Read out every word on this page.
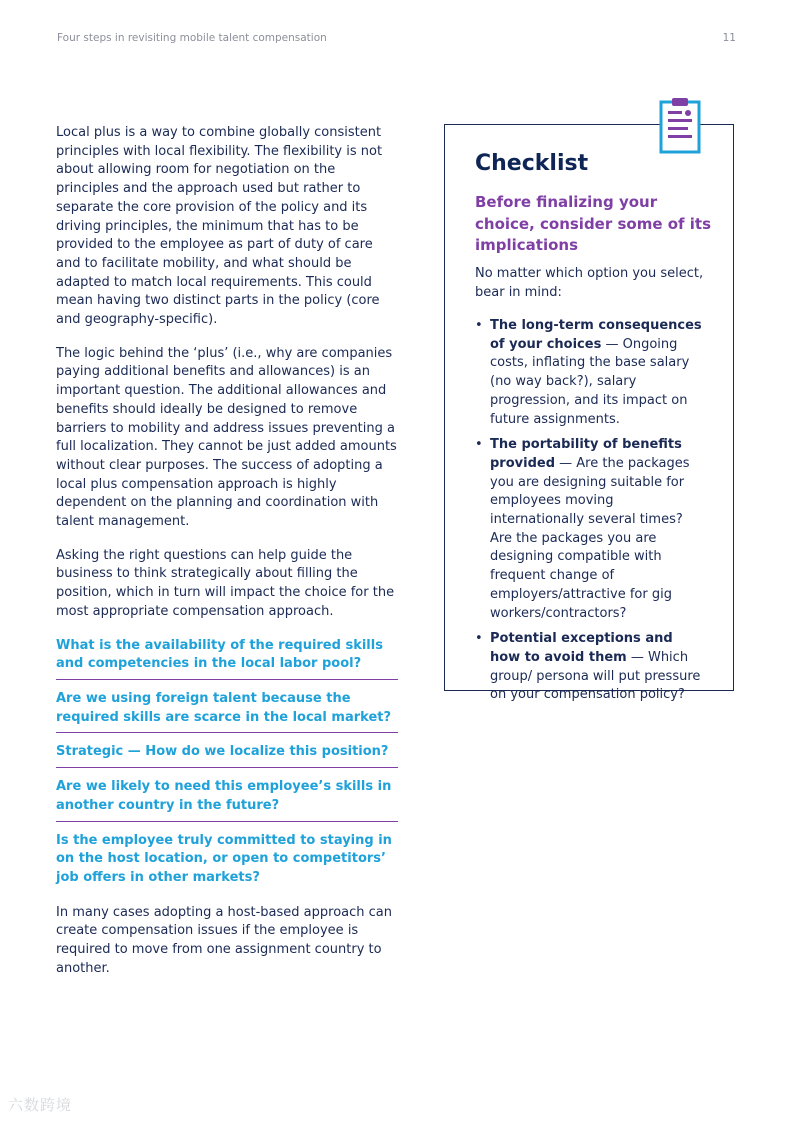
Four steps in revisiting mobile talent compensation	11

Local plus is a way to combine globally consistent principles with local flexibility. The flexibility is not about allowing room for negotiation on the principles and the approach used but rather to separate the core provision of the policy and its driving principles, the minimum that has to be provided to the employee as part of duty of care and to facilitate mobility, and what should be adapted to match local requirements. This could mean having two distinct parts in the policy (core and geography-specific).

The logic behind the ‘plus’ (i.e., why are companies paying additional benefits and allowances) is an important question. The additional allowances and benefits should ideally be designed to remove barriers to mobility and address issues preventing a full localization. They cannot be just added amounts without clear purposes. The success of adopting a local plus compensation approach is highly dependent on the planning and coordination with talent management.

Asking the right questions can help guide the business to think strategically about filling the position, which in turn will impact the choice for the most appropriate compensation approach.

What is the availability of the required skills and competencies in the local labor pool?
Are we using foreign talent because the required skills are scarce in the local market?
Strategic — How do we localize this position?
Are we likely to need this employee’s skills in another country in the future?
Is the employee truly committed to staying in on the host location, or open to competitors’ job offers in other markets?

In many cases adopting a host-based approach can create compensation issues if the employee is required to move from one assignment country to another.

Checklist
Before finalizing your choice, consider some of its implications
No matter which option you select, bear in mind:
• The long-term consequences of your choices — Ongoing costs, inflating the base salary (no way back?), salary progression, and its impact on future assignments.
• The portability of benefits provided — Are the packages you are designing suitable for employees moving internationally several times? Are the packages you are designing compatible with frequent change of employers/attractive for gig workers/contractors?
• Potential exceptions and how to avoid them — Which group/ persona will put pressure on your compensation policy?
六数跨境
